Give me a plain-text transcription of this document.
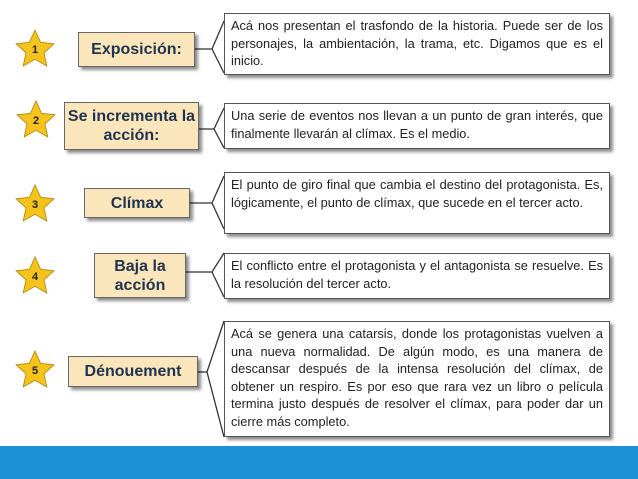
1	Exposición:
Acá nos presentan el trasfondo de la historia. Puede ser de los personajes, la ambientación, la trama, etc. Digamos que es el inicio.
2	Se incrementa la acción:
Una serie de eventos nos llevan a un punto de gran interés, que finalmente llevarán al clímax. Es el medio.
3	Clímax
El punto de giro final que cambia el destino del protagonista. Es, lógicamente, el punto de clímax, que sucede en el tercer acto.
4
Baja la acción
El conflicto entre el protagonista y el antagonista se resuelve. Es la resolución del tercer acto.
5	Dénouement
Acá se genera una catarsis, donde los protagonistas vuelven a una nueva normalidad. De algún modo, es una manera de descansar después de la intensa resolución del clímax, de obtener un respiro. Es por eso que rara vez un libro o película termina justo después de resolver el clímax, para poder dar un cierre más completo.
